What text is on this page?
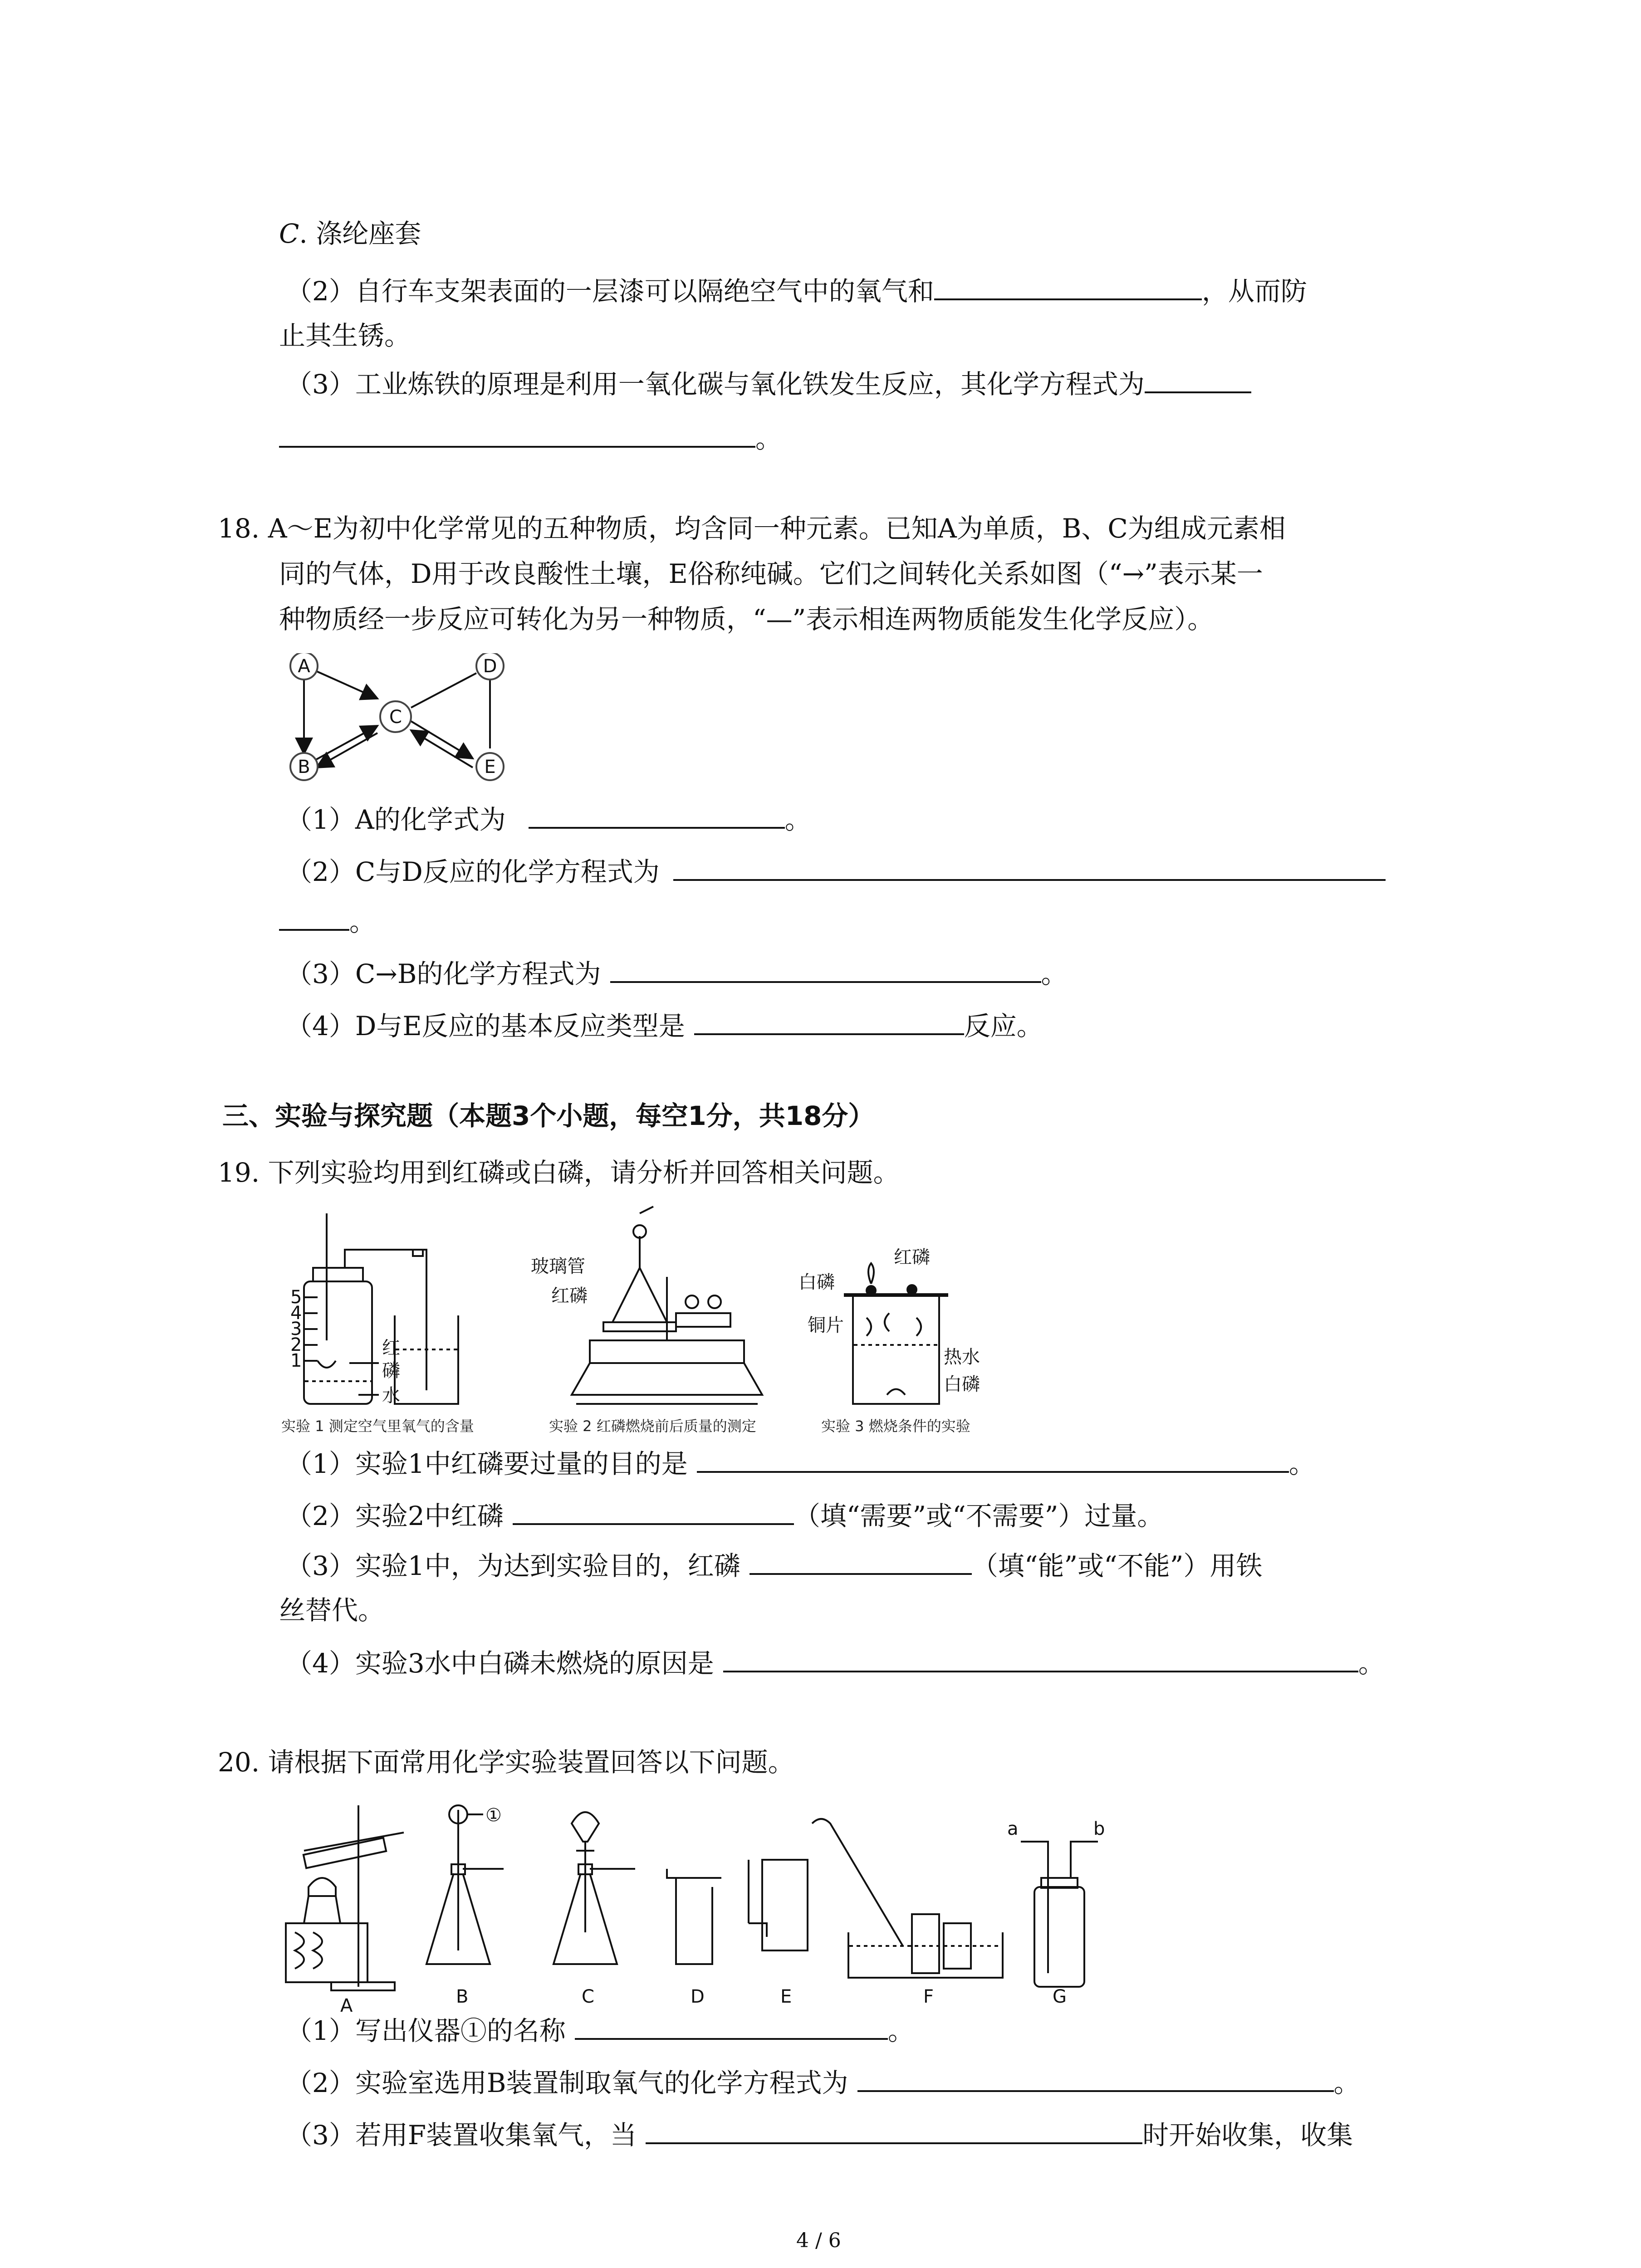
C. 涤纶座套
（2）自行车支架表面的一层漆可以隔绝空气中的氧气和	，从而防
止其生锈。
（3）工业炼铁的原理是利用一氧化碳与氧化铁发生反应，其化学方程式为
。
18. A～E为初中化学常见的五种物质，均含同一种元素。已知A为单质，B、C为组成元素相
同的气体，D用于改良酸性土壤，E俗称纯碱。它们之间转化关系如图（“→”表示某一
种物质经一步反应可转化为另一种物质，“—”表示相连两物质能发生化学反应）。
A
B
C
D
E
（1）A的化学式为	。
（2）C与D反应的化学方程式为
。
（3）C→B的化学方程式为	。
（4）D与E反应的基本反应类型是	反应。
三、实验与探究题（本题3个小题，每空1分，共18分）
19. 下列实验均用到红磷或白磷，请分析并回答相关问题。
5
4
3
2
1
红
磷
水
实验 1 测定空气里氧气的含量
玻璃管
红磷
实验 2 红磷燃烧前后质量的测定
红磷
白磷
铜片
热水
白磷
实验 3 燃烧条件的实验
（1）实验1中红磷要过量的目的是	。
（2）实验2中红磷	（填“需要”或“不需要”）过量。
（3）实验1中，为达到实验目的，红磷	（填“能”或“不能”）用铁
丝替代。
（4）实验3水中白磷未燃烧的原因是	。
20. 请根据下面常用化学实验装置回答以下问题。
A	B	C	D	E	F	G
①
a	b
（1）写出仪器①的名称	。
（2）实验室选用B装置制取氧气的化学方程式为	。
（3）若用F装置收集氧气，当	时开始收集，收集
4 / 6
